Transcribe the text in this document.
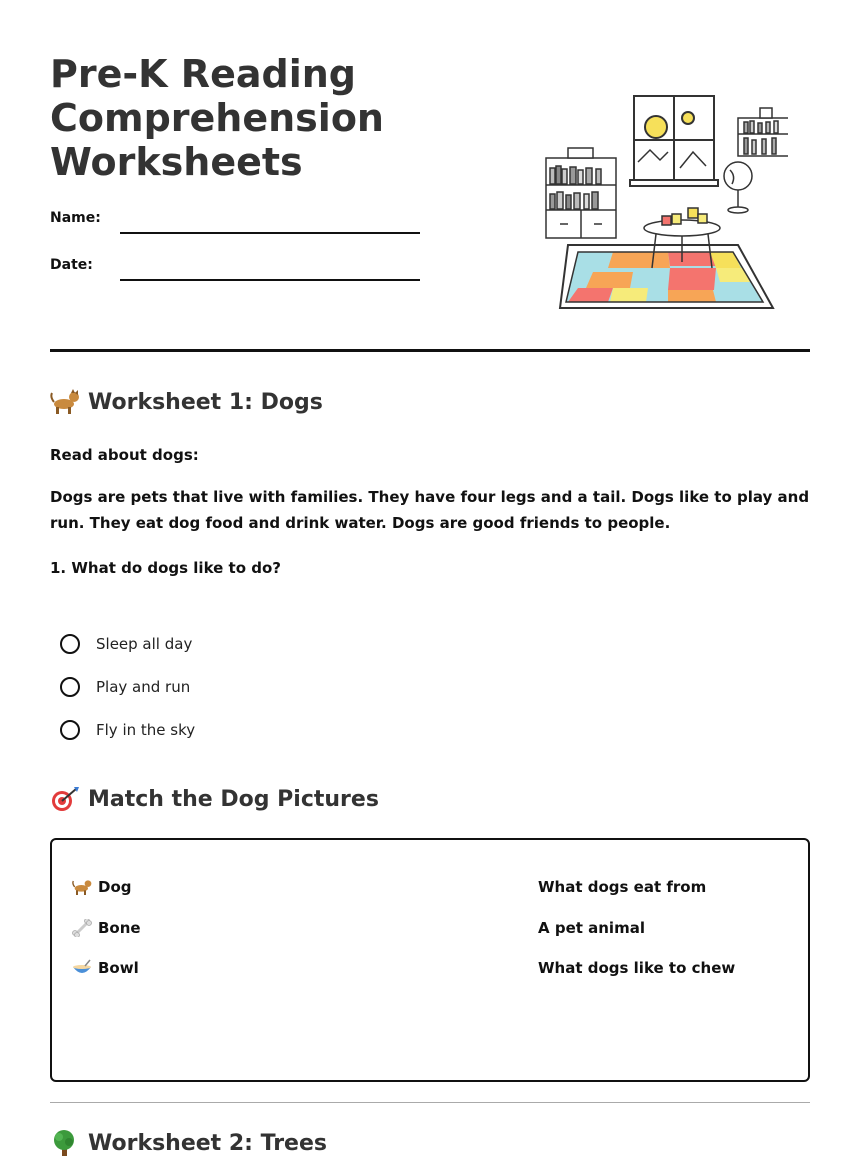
Pre-K Reading Comprehension Worksheets
Name:
Date:
Worksheet 1: Dogs

Read about dogs:

Dogs are pets that live with families. They have four legs and a tail. Dogs like to play and run. They eat dog food and drink water. Dogs are good friends to people.

1. What do dogs like to do?

Sleep all day
Play and run
Fly in the sky
Match the Dog Pictures
Dog
Bone
Bowl
What dogs eat from
A pet animal
What dogs like to chew
Worksheet 2: Trees
